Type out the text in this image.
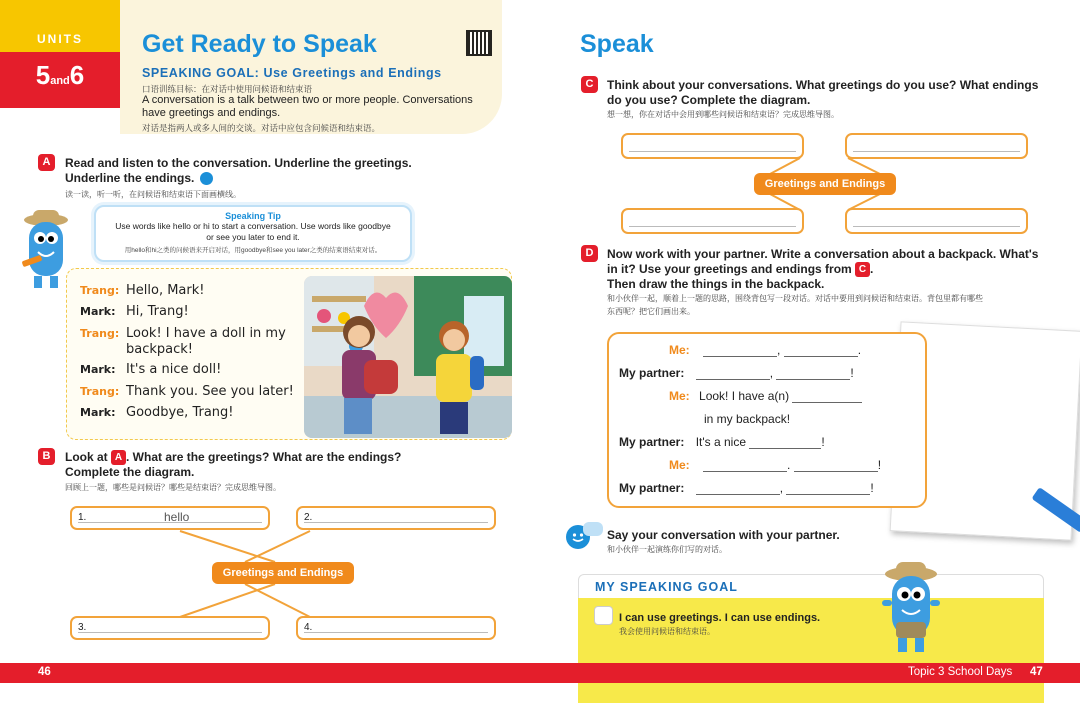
UNITS
5and6
Get Ready to Speak
SPEAKING GOAL: Use Greetings and Endings
口语训练目标：在对话中使用问候语和结束语
A conversation is a talk between two or more people. Conversations have greetings and endings.
对话是指两人或多人间的交谈。对话中应包含问候语和结束语。
A	Read and listen to the conversation. Underline the greetings.
Underline the endings.
读一读，听一听，在问候语和结束语下面画横线。
Speaking Tip
Use words like hello or hi to start a conversation. Use words like goodbye
or see you later to end it.
用hello和hi之类的问候语来开启对话，用goodbye和see you later之类的结束语结束对话。
Trang: Hello, Mark!
Mark: Hi, Trang!
Trang: Look! I have a doll in my
backpack!
Mark: It's a nice doll!
Trang: Thank you. See you later!
Mark: Goodbye, Trang!
B	Look at A . What are the greetings? What are the endings?
Complete the diagram.
回顾上一题，哪些是问候语？哪些是结束语？完成思维导图。
1.	hello	2.
Greetings and Endings
3.	4.
Speak
C	Think about your conversations. What greetings do you use? What endings
do you use? Complete the diagram.
想一想，你在对话中会用到哪些问候语和结束语？完成思维导图。
Greetings and Endings
D	Now work with your partner. Write a conversation about a backpack. What's
in it? Use your greetings and endings from C .
Then draw the things in the backpack.
和小伙伴一起，顺着上一题的思路，围绕背包写一段对话。对话中要用到问候语和结束语。背包里都有哪些
东西呢？把它们画出来。
Me:	,	.
My partner:	,	!
Me: Look! I have a(n)
in my backpack!
My partner: It's a nice	!
Me:	.	!
My partner:	,	!
Say your conversation with your partner.
和小伙伴一起演练你们写的对话。
MY SPEAKING GOAL
I can use greetings. I can use endings.
我会使用问候语和结束语。
46	Topic 3 School Days 47
